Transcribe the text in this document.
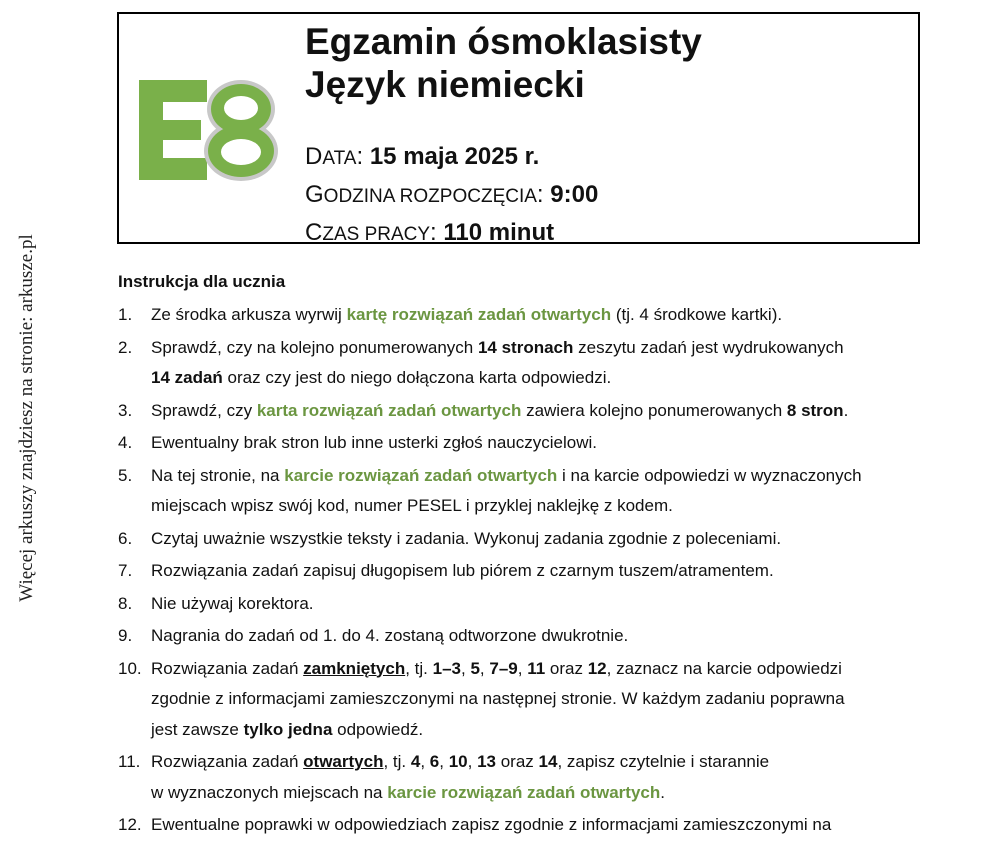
Więcej arkuszy znajdziesz na stronie: arkusze.pl
Egzamin ósmoklasisty
Język niemiecki
DATA: 15 maja 2025 r.
GODZINA ROZPOCZĘCIA: 9:00
CZAS PRACY: 110 minut
Instrukcja dla ucznia
1. Ze środka arkusza wyrwij kartę rozwiązań zadań otwartych (tj. 4 środkowe kartki).
2. Sprawdź, czy na kolejno ponumerowanych 14 stronach zeszytu zadań jest wydrukowanych
14 zadań oraz czy jest do niego dołączona karta odpowiedzi.
3. Sprawdź, czy karta rozwiązań zadań otwartych zawiera kolejno ponumerowanych 8 stron.
4. Ewentualny brak stron lub inne usterki zgłoś nauczycielowi.
5. Na tej stronie, na karcie rozwiązań zadań otwartych i na karcie odpowiedzi w wyznaczonych
miejscach wpisz swój kod, numer PESEL i przyklej naklejkę z kodem.
6. Czytaj uważnie wszystkie teksty i zadania. Wykonuj zadania zgodnie z poleceniami.
7. Rozwiązania zadań zapisuj długopisem lub piórem z czarnym tuszem/atramentem.
8. Nie używaj korektora.
9. Nagrania do zadań od 1. do 4. zostaną odtworzone dwukrotnie.
10. Rozwiązania zadań zamkniętych, tj. 1–3, 5, 7–9, 11 oraz 12, zaznacz na karcie odpowiedzi
zgodnie z informacjami zamieszczonymi na następnej stronie. W każdym zadaniu poprawna
jest zawsze tylko jedna odpowiedź.
11. Rozwiązania zadań otwartych, tj. 4, 6, 10, 13 oraz 14, zapisz czytelnie i starannie
w wyznaczonych miejscach na karcie rozwiązań zadań otwartych.
12. Ewentualne poprawki w odpowiedziach zapisz zgodnie z informacjami zamieszczonymi na
